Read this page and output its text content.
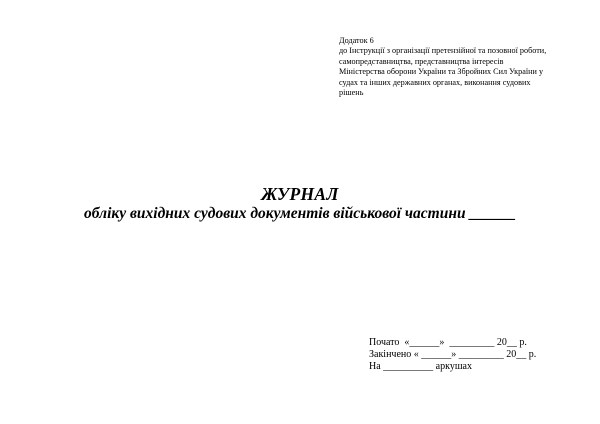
Додаток 6
до Інструкції з організації претензійної та позовної роботи,
самопредставництва, представництва інтересів
Міністерства оборони України та Збройних Сил України у
судах та інших державних органах, виконання судових
рішень
ЖУРНАЛ
обліку вихідних судових документів військової частини ______
Почато  «______»  _________ 20__ р.
Закінчено « ______» _________ 20__ р.
На __________ аркушах
